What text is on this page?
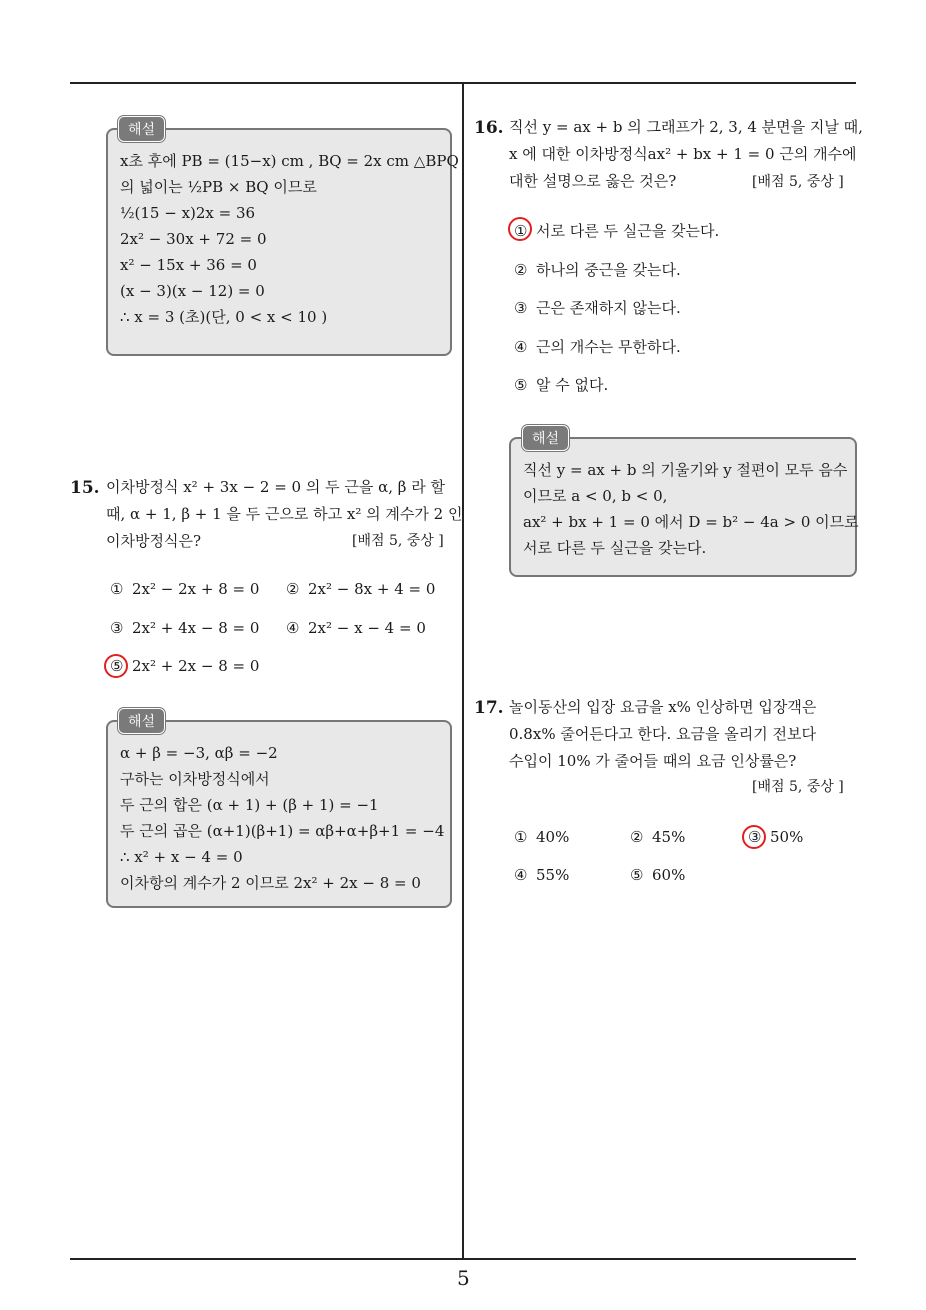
x초 후에 PB = (15−x) cm , BQ = 2x cm △BPQ
의 넓이는 ½PB × BQ 이므로
½(15 − x)2x = 36
2x² − 30x + 72 = 0
x² − 15x + 36 = 0
(x − 3)(x − 12) = 0
∴ x = 3 (초)(단, 0 < x < 10 )
해설
15. 이차방정식 x² + 3x − 2 = 0 의 두 근을 α, β 라 할
때, α + 1, β + 1 을 두 근으로 하고 x² 의 계수가 2 인
이차방정식은?	[배점 5, 중상 ]
① 2x² − 2x + 8 = 0 ② 2x² − 8x + 4 = 0
③ 2x² + 4x − 8 = 0 ④ 2x² − x − 4 = 0
⑤ 2x² + 2x − 8 = 0
α + β = −3, αβ = −2
구하는 이차방정식에서
두 근의 합은 (α + 1) + (β + 1) = −1
두 근의 곱은 (α+1)(β+1) = αβ+α+β+1 = −4
∴ x² + x − 4 = 0
이차항의 계수가 2 이므로 2x² + 2x − 8 = 0
해설
16. 직선 y = ax + b 의 그래프가 2, 3, 4 분면을 지날 때,
x 에 대한 이차방정식ax² + bx + 1 = 0 근의 개수에
대한 설명으로 옳은 것은?	[배점 5, 중상 ]
① 서로 다른 두 실근을 갖는다.
② 하나의 중근을 갖는다.
③ 근은 존재하지 않는다.
④ 근의 개수는 무한하다.
⑤ 알 수 없다.
직선 y = ax + b 의 기울기와 y 절편이 모두 음수
이므로 a < 0, b < 0,
ax² + bx + 1 = 0 에서 D = b² − 4a > 0 이므로
서로 다른 두 실근을 갖는다.
해설
17. 놀이동산의 입장 요금을 x% 인상하면 입장객은
0.8x% 줄어든다고 한다. 요금을 올리기 전보다
수입이 10% 가 줄어들 때의 요금 인상률은?
[배점 5, 중상 ]
① 40%	② 45%	③ 50%
④ 55%	⑤ 60%
5
